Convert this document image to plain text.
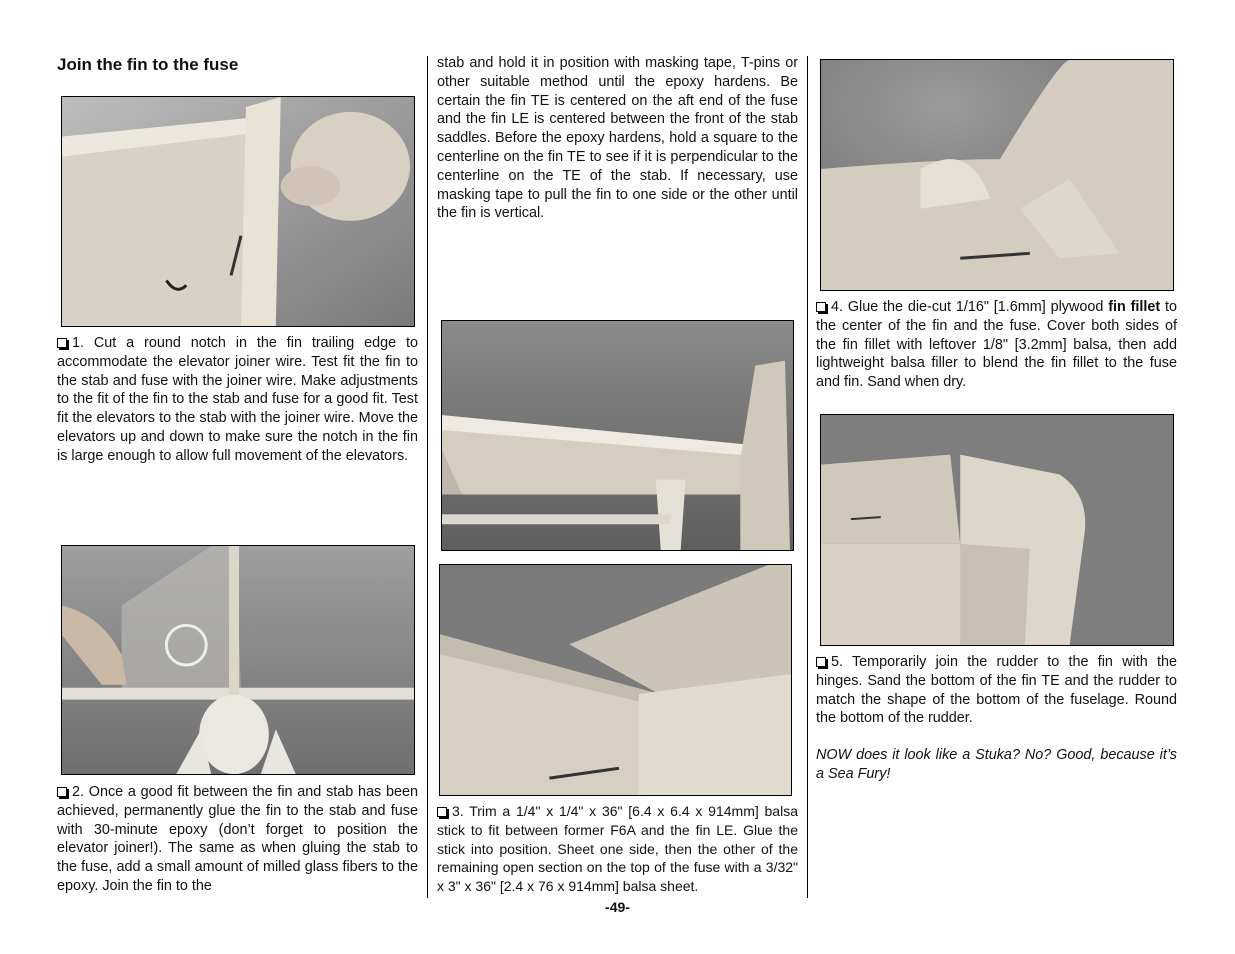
Join the fin to the fuse

1. Cut a round notch in the fin trailing edge to accommodate the elevator joiner wire. Test fit the fin to the stab and fuse with the joiner wire. Make adjustments to the fit of the fin to the stab and fuse for a good fit. Test fit the elevators to the stab with the joiner wire. Move the elevators up and down to make sure the notch in the fin is large enough to allow full movement of the elevators.

2. Once a good fit between the fin and stab has been achieved, permanently glue the fin to the stab and fuse with 30-minute epoxy (don’t forget to position the elevator joiner!). The same as when gluing the stab to the fuse, add a small amount of milled glass fibers to the epoxy. Join the fin to the

stab and hold it in position with masking tape, T-pins or other suitable method until the epoxy hardens. Be certain the fin TE is centered on the aft end of the fuse and the fin LE is centered between the front of the stab saddles. Before the epoxy hardens, hold a square to the centerline on the fin TE to see if it is perpendicular to the centerline on the TE of the stab. If necessary, use masking tape to pull the fin to one side or the other until the fin is vertical.

3. Trim a 1/4" x 1/4" x 36" [6.4 x 6.4 x 914mm] balsa stick to fit between former F6A and the fin LE. Glue the stick into position. Sheet one side, then the other of the remaining open section on the top of the fuse with a 3/32" x 3" x 36" [2.4 x 76 x 914mm] balsa sheet.

4. Glue the die-cut 1/16" [1.6mm] plywood fin fillet to the center of the fin and the fuse. Cover both sides of the fin fillet with leftover 1/8" [3.2mm] balsa, then add lightweight balsa filler to blend the fin fillet to the fuse and fin. Sand when dry.

5. Temporarily join the rudder to the fin with the hinges. Sand the bottom of the fin TE and the rudder to match the shape of the bottom of the fuselage. Round the bottom of the rudder.

NOW does it look like a Stuka? No? Good, because it’s a Sea Fury!

-49-
